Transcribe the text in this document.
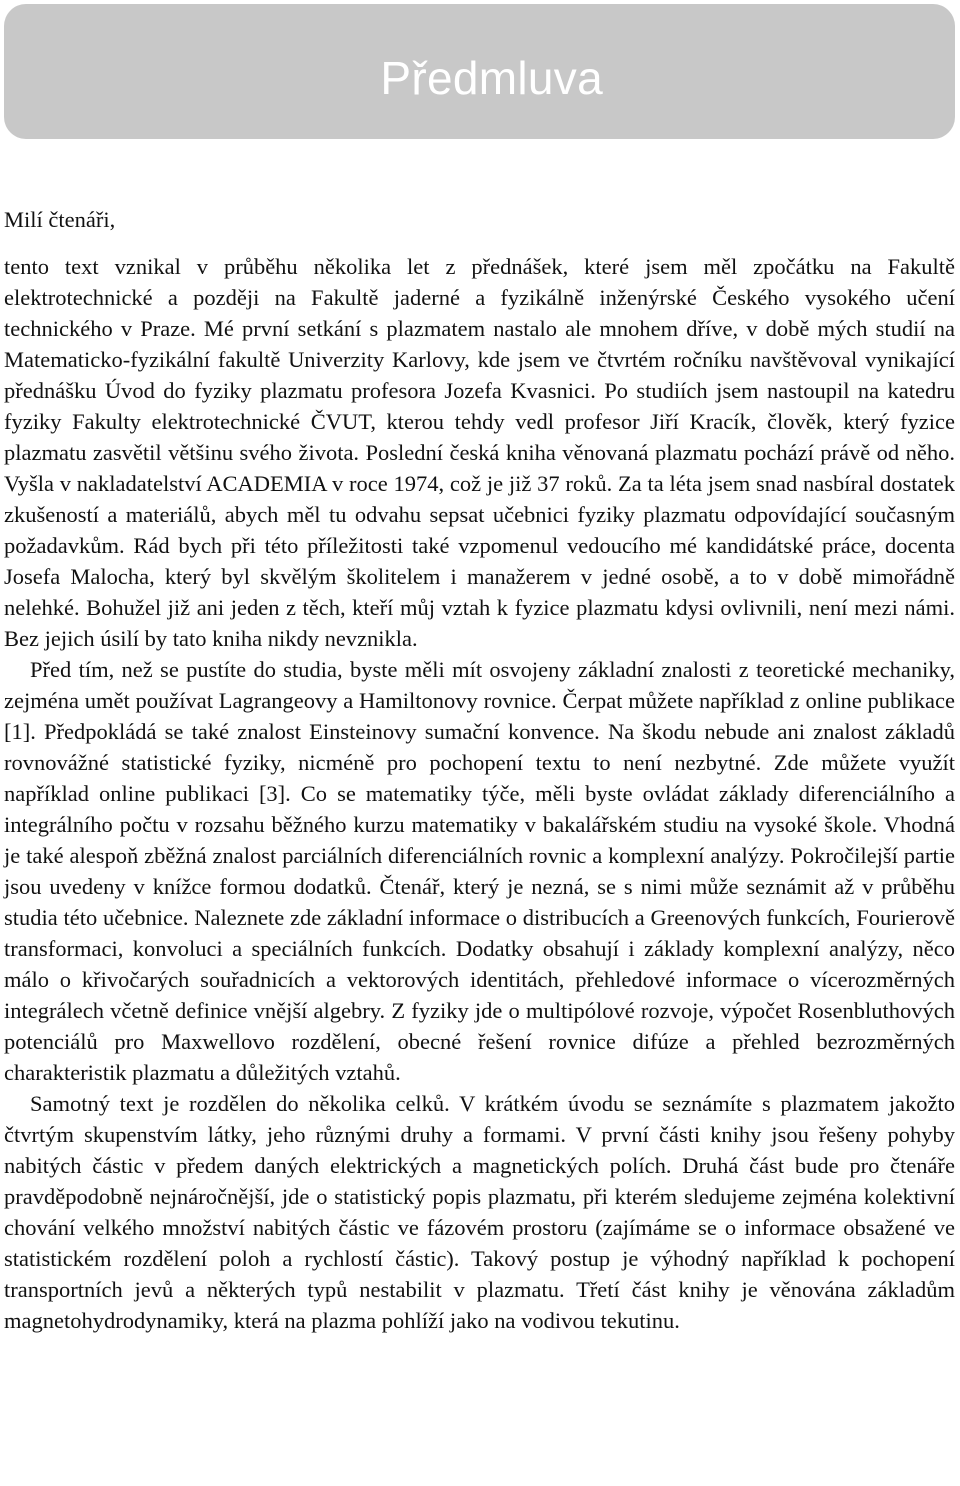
Předmluva

Milí čtenáři,

tento text vznikal v průběhu několika let z přednášek, které jsem měl zpočátku na Fakultě elektrotechnické a později na Fakultě jaderné a fyzikálně inženýrské Českého vysokého učení technického v Praze. Mé první setkání s plazmatem nastalo ale mnohem dříve, v době mých studií na Matematicko-fyzikální fakultě Univerzity Karlovy, kde jsem ve čtvrtém ročníku navštěvoval vynikající přednášku Úvod do fyziky plazmatu profesora Jozefa Kvasnici. Po studiích jsem nastoupil na katedru fyziky Fakulty elektrotechnické ČVUT, kterou tehdy vedl profesor Jiří Kracík, člověk, který fyzice plazmatu zasvětil většinu svého života. Poslední česká kniha věnovaná plazmatu pochází právě od něho. Vyšla v nakladatelství ACADEMIA v roce 1974, což je již 37 roků. Za ta léta jsem snad nasbíral dostatek zkušeností a materiálů, abych měl tu odvahu sepsat učebnici fyziky plazmatu odpovídající současným požadavkům. Rád bych při této příležitosti také vzpomenul vedoucího mé kandidátské práce, docenta Josefa Malocha, který byl skvělým školitelem i manažerem v jedné osobě, a to v době mimořádně nelehké. Bohužel již ani jeden z těch, kteří můj vztah k fyzice plazmatu kdysi ovlivnili, není mezi námi. Bez jejich úsilí by tato kniha nikdy nevznikla.

Před tím, než se pustíte do studia, byste měli mít osvojeny základní znalosti z teoretické mechaniky, zejména umět používat Lagrangeovy a Hamiltonovy rovnice. Čerpat můžete například z online publikace [1]. Předpokládá se také znalost Einsteinovy sumační konvence. Na škodu nebude ani znalost základů rovnovážné statistické fyziky, nicméně pro pochopení textu to není nezbytné. Zde můžete využít například online publikaci [3]. Co se matematiky týče, měli byste ovládat základy diferenciálního a integrálního počtu v rozsahu běžného kurzu matematiky v bakalářském studiu na vysoké škole. Vhodná je také alespoň zběžná znalost parciálních diferenciálních rovnic a komplexní analýzy. Pokročilejší partie jsou uvedeny v knížce formou dodatků. Čtenář, který je nezná, se s nimi může seznámit až v průběhu studia této učebnice. Naleznete zde základní informace o distribucích a Greenových funkcích, Fourierově transformaci, konvoluci a speciálních funkcích. Dodatky obsahují i základy komplexní analýzy, něco málo o křivočarých souřadnicích a vektorových identitách, přehledové informace o vícerozměrných integrálech včetně definice vnější algebry. Z fyziky jde o multipólové rozvoje, výpočet Rosenbluthových potenciálů pro Maxwellovo rozdělení, obecné řešení rovnice difúze a přehled bezrozměrných charakteristik plazmatu a důležitých vztahů.

Samotný text je rozdělen do několika celků. V krátkém úvodu se seznámíte s plazmatem jakožto čtvrtým skupenstvím látky, jeho různými druhy a formami. V první části knihy jsou řešeny pohyby nabitých částic v předem daných elektrických a magnetických polích. Druhá část bude pro čtenáře pravděpodobně nejnáročnější, jde o statistický popis plazmatu, při kterém sledujeme zejména kolektivní chování velkého množství nabitých částic ve fázovém prostoru (zajímáme se o informace obsažené ve statistickém rozdělení poloh a rychlostí částic). Takový postup je výhodný například k pochopení transportních jevů a některých typů nestabilit v plazmatu. Třetí část knihy je věnována základům magnetohydrodynamiky, která na plazma pohlíží jako na vodivou tekutinu.
